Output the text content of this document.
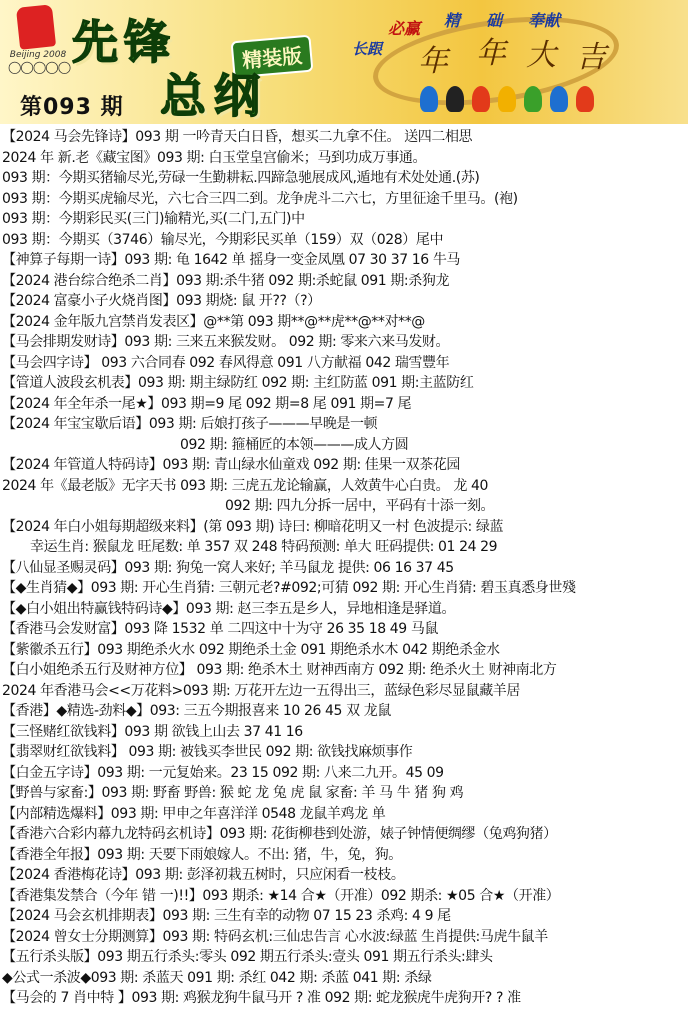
Beijing 2008
◯◯◯◯◯ 先锋	精装版
总纲
第093 期
必赢 精 础 奉献
长跟 年 年 大 吉
【2024 马会先锋诗】093 期 一吟青天白日昏，想买二九拿不住。 送四二相思
2024 年 新.老《藏宝图》093 期: 白玉堂皇宫偷米；马到功成万事通。
093 期：今期买猪输尽光,劳碌一生勤耕耘.四蹄急驰展成风,遁地有术处处通.(苏)
093 期：今期买虎输尽光，六七合三四二到。龙争虎斗二六七，方里征途千里马。(袍)
093 期：今期彩民买(三门)输精光,买(二门,五门)中
093 期：今期买（3746）输尽光，今期彩民买单（159）双（028）尾中
【神算子每期一诗】093 期: 龟 1642 单 摇身一变金凤凰 07 30 37 16 牛马
【2024 港台综合绝杀二肖】093 期:杀牛猪 092 期:杀蛇鼠 091 期:杀狗龙
【2024 富豪小子火烧肖图】093 期烧: 鼠 开??（?）
【2024 金年版九宫禁肖发表区】@**第 093 期**@**虎**@**对**@
【马会排期发财诗】093 期: 三来五来猴发财。 092 期: 零来六来马发财。
【马会四字诗】 093 六合同春 092 春风得意 091 八方献福 042 瑞雪豐年
【管道人波段玄机表】093 期: 期主绿防红 092 期: 主红防蓝 091 期:主蓝防红
【2024 年全年杀一尾★】093 期=9 尾 092 期=8 尾 091 期=7 尾
【2024 年宝宝歇后语】093 期: 后娘打孩子———早晚是一顿
092 期: 箍桶匠的本领———成人方圆
【2024 年管道人特码诗】093 期: 青山绿水仙童戏 092 期: 佳果一双茶花园
2024 年《最老版》无字天书 093 期: 三虎五龙论输赢，人效黄牛心白贵。 龙 40
092 期: 四九分拆一居中，平码有十添一刻。
【2024 年白小姐每期超级来料】(第 093 期) 诗曰: 柳暗花明又一村 色波提示: 绿蓝
幸运生肖: 猴鼠龙 旺尾数: 单 357 双 248 特码预测: 单大 旺码提供: 01 24 29
【八仙显圣赐灵码】093 期: 狗兔一窝人来好; 羊马鼠龙 提供: 06 16 37 45
【◆生肖猜◆】093 期: 开心生肖猜: 三朝元老?#092;可猜 092 期: 开心生肖猜: 碧玉真悉身世殘
【◆白小姐出特赢钱特码诗◆】093 期: 赵三李五是乡人，异地相逢是驿道。
【香港马会发财富】093 降 1532 单 二四这中十为守 26 35 18 49 马鼠
【紫徽杀五行】093 期绝杀火水 092 期绝杀土金 091 期绝杀水木 042 期绝杀金水
【白小姐绝杀五行及财神方位】 093 期: 绝杀木土 财神西南方 092 期: 绝杀火土 财神南北方
2024 年香港马会<<万花料>093 期: 万花开左边一五得出三，蓝绿色彩尽显鼠藏羊居
【香港】◆精选-劲料◆】093: 三五今期报喜来 10 26 45 双 龙鼠
【三怪赌红欲钱料】093 期 欲钱上山去 37 41 16
【翡翠财红欲钱料】 093 期: 被钱买李世民 092 期: 欲钱找麻烦事作
【白金五字诗】093 期: 一元复始来。23 15 092 期: 八来二九开。45 09
【野兽与家畜:】093 期: 野畜 野兽: 猴 蛇 龙 兔 虎 鼠 家畜: 羊 马 牛 猪 狗 鸡
【内部精选爆料】093 期: 甲申之年喜洋洋 0548 龙鼠羊鸡龙 单
【香港六合彩内幕九龙特码玄机诗】093 期: 花街柳巷到处游，婊子钟情便绸缪（兔鸡狗猪）
【香港全年报】093 期: 天要下雨娘嫁人。不出: 猪，牛，兔，狗。
【2024 香港梅花诗】093 期: 彭泽初栽五树时，只应闲看一枝枝。
【香港集发禁合（今年 错 一)!!】093 期杀: ★14 合★（开准）092 期杀: ★05 合★（开准）
【2024 马会玄机排期表】093 期: 三生有幸的动物 07 15 23 杀鸡: 4 9 尾
【2024 曾女士分期测算】093 期: 特码玄机:三仙忠告言 心水波:绿蓝 生肖提供:马虎牛鼠羊
【五行杀头版】093 期五行杀头:零头 092 期五行杀头:壹头 091 期五行杀头:肆头
◆公式一杀波◆093 期: 杀蓝天 091 期: 杀红 042 期: 杀蓝 041 期: 杀绿
【马会的 7 肖中特 】093 期: 鸡猴龙狗牛鼠马开 ? 准 092 期: 蛇龙猴虎牛虎狗开? ? 准
